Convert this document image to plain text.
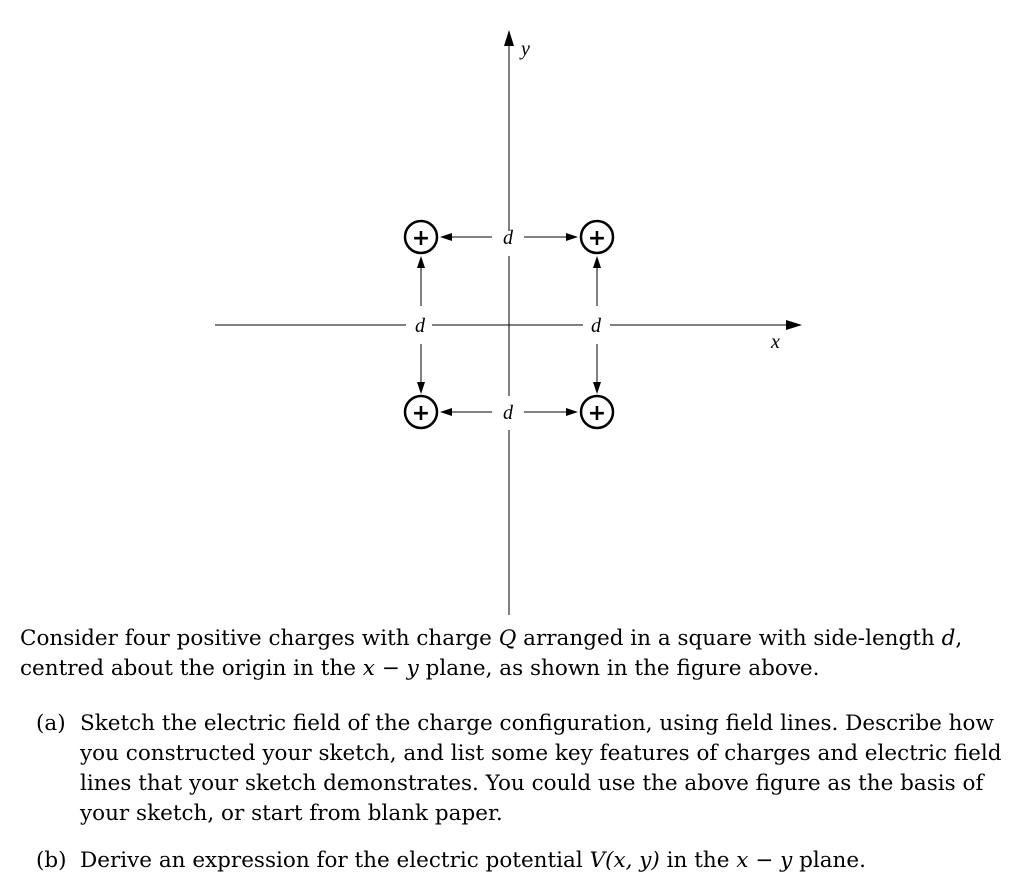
y
x
d
d
d	d
+	+
+	+
Consider four positive charges with charge Q arranged in a square with side-length d, centred about the origin in the x − y plane, as shown in the figure above.
(a) Sketch the electric field of the charge configuration, using field lines. Describe how you constructed your sketch, and list some key features of charges and electric field lines that your sketch demonstrates. You could use the above figure as the basis of your sketch, or start from blank paper.
(b) Derive an expression for the electric potential V(x, y) in the x − y plane.
